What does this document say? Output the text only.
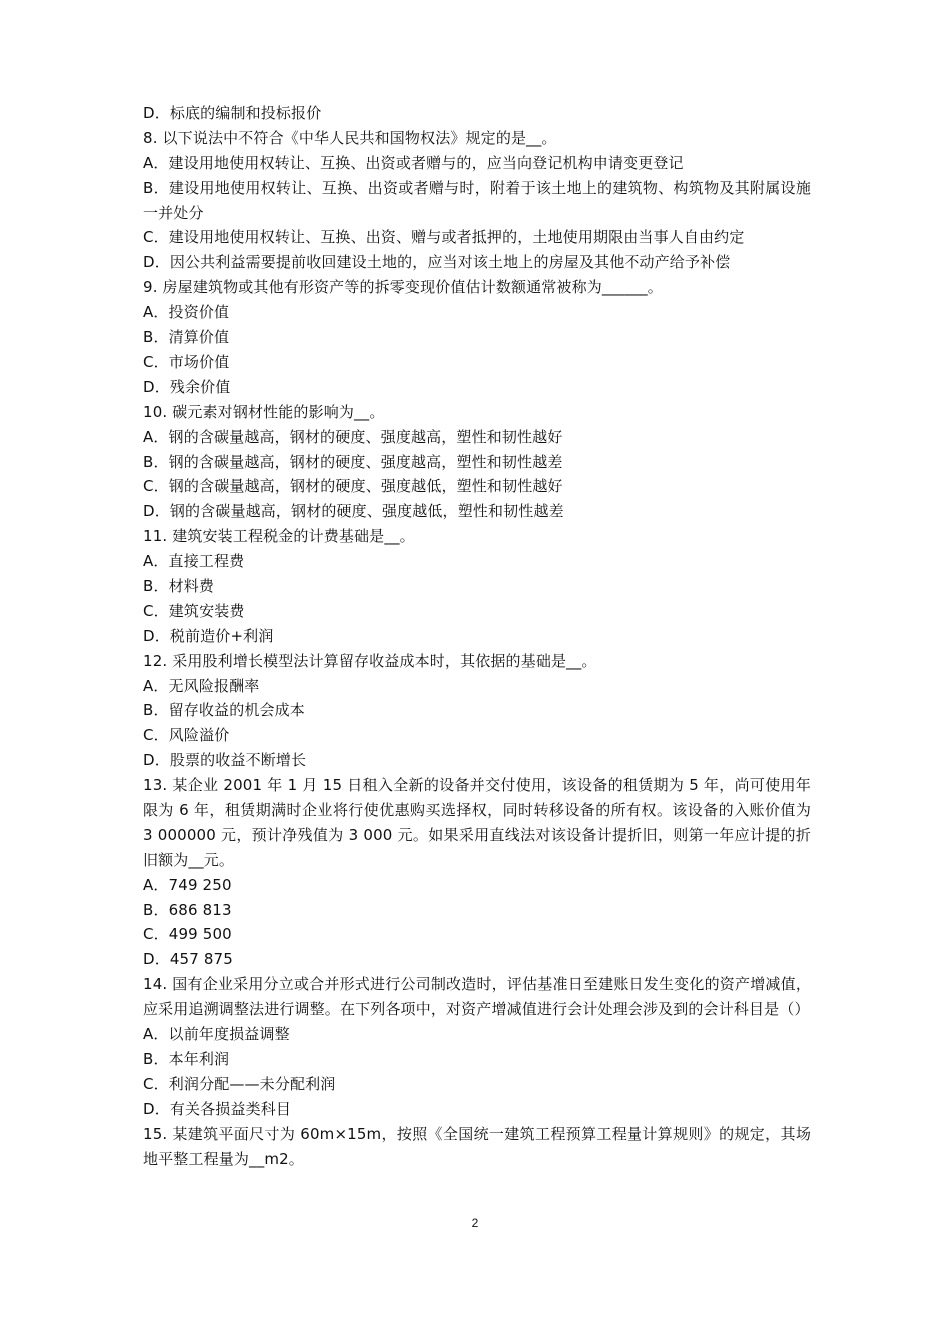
D．标底的编制和投标报价
8. 以下说法中不符合《中华人民共和国物权法》规定的是__。
A．建设用地使用权转让、互换、出资或者赠与的，应当向登记机构申请变更登记
B．建设用地使用权转让、互换、出资或者赠与时，附着于该土地上的建筑物、构筑物及其附属设施一并处分
C．建设用地使用权转让、互换、出资、赠与或者抵押的，土地使用期限由当事人自由约定
D．因公共利益需要提前收回建设土地的，应当对该土地上的房屋及其他不动产给予补偿
9. 房屋建筑物或其他有形资产等的拆零变现价值估计数额通常被称为______。
A．投资价值
B．清算价值
C．市场价值
D．残余价值
10. 碳元素对钢材性能的影响为__。
A．钢的含碳量越高，钢材的硬度、强度越高，塑性和韧性越好
B．钢的含碳量越高，钢材的硬度、强度越高，塑性和韧性越差
C．钢的含碳量越高，钢材的硬度、强度越低，塑性和韧性越好
D．钢的含碳量越高，钢材的硬度、强度越低，塑性和韧性越差
11. 建筑安装工程税金的计费基础是__。
A．直接工程费
B．材料费
C．建筑安装费
D．税前造价+利润
12. 采用股利增长模型法计算留存收益成本时，其依据的基础是__。
A．无风险报酬率
B．留存收益的机会成本
C．风险溢价
D．股票的收益不断增长
13. 某企业 2001 年 1 月 15 日租入全新的设备并交付使用，该设备的租赁期为 5 年，尚可使用年限为 6 年，租赁期满时企业将行使优惠购买选择权，同时转移设备的所有权。该设备的入账价值为 3 000000 元，预计净残值为 3 000 元。如果采用直线法对该设备计提折旧，则第一年应计提的折旧额为__元。
A．749 250
B．686 813
C．499 500
D．457 875
14. 国有企业采用分立或合并形式进行公司制改造时，评估基准日至建账日发生变化的资产增减值，应采用追溯调整法进行调整。在下列各项中，对资产增减值进行会计处理会涉及到的会计科目是（）
A．以前年度损益调整
B．本年利润
C．利润分配——未分配利润
D．有关各损益类科目
15. 某建筑平面尺寸为 60m×15m，按照《全国统一建筑工程预算工程量计算规则》的规定，其场地平整工程量为__m2。
2
